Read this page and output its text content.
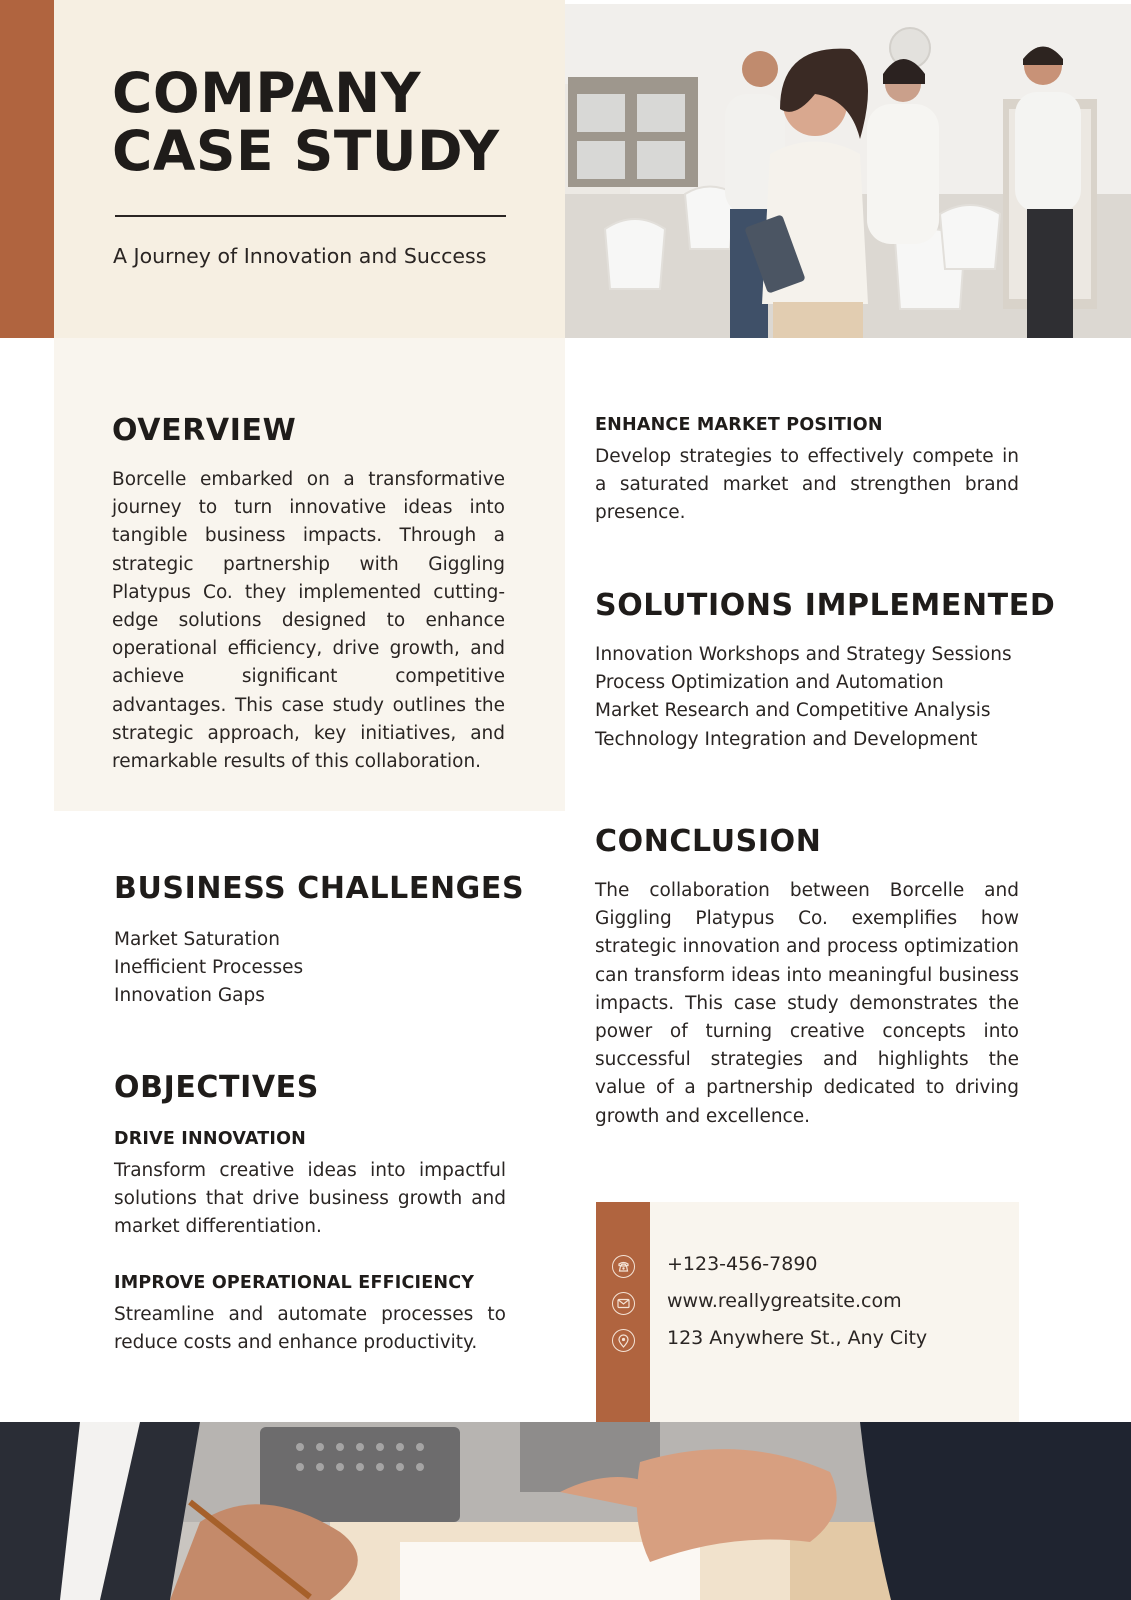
COMPANY
CASE STUDY
A Journey of Innovation and Success
OVERVIEW

Borcelle embarked on a transformative journey to turn innovative ideas into tangible business impacts. Through a strategic partnership with Giggling Platypus Co. they implemented cutting-edge solutions designed to enhance operational efficiency, drive growth, and achieve significant competitive advantages. This case study outlines the strategic approach, key initiatives, and remarkable results of this collaboration.

BUSINESS CHALLENGES
Market Saturation
Inefficient Processes
Innovation Gaps
OBJECTIVES
DRIVE INNOVATION

Transform creative ideas into impactful solutions that drive business growth and market differentiation.

IMPROVE OPERATIONAL EFFICIENCY

Streamline and automate processes to reduce costs and enhance productivity.

ENHANCE MARKET POSITION

Develop strategies to effectively compete in a saturated market and strengthen brand presence.

SOLUTIONS IMPLEMENTED
Innovation Workshops and Strategy Sessions
Process Optimization and Automation
Market Research and Competitive Analysis
Technology Integration and Development
CONCLUSION

The collaboration between Borcelle and Giggling Platypus Co. exemplifies how strategic innovation and process optimization can transform ideas into meaningful business impacts. This case study demonstrates the power of turning creative concepts into successful strategies and highlights the value of a partnership dedicated to driving growth and excellence.

+123-456-7890
www.reallygreatsite.com
123 Anywhere St., Any City
